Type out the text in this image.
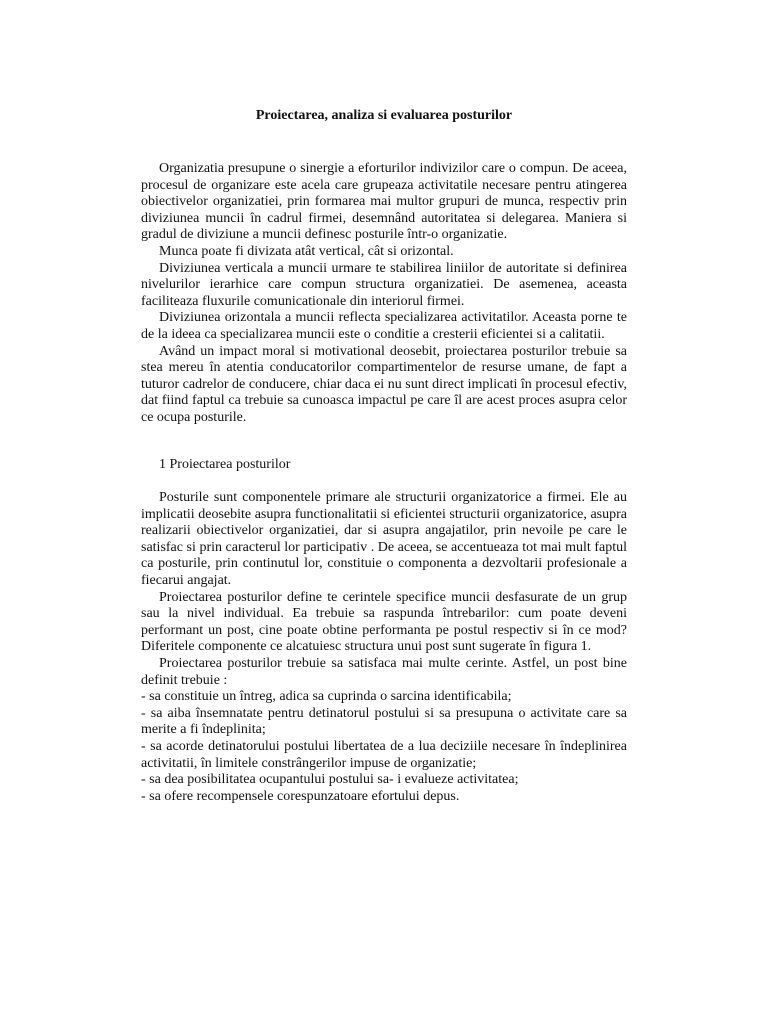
Proiectarea, analiza si evaluarea posturilor

Organizatia presupune o sinergie a eforturilor indivizilor care o compun. De aceea, procesul de organizare este acela care grupeaza activitatile necesare pentru atingerea obiectivelor organizatiei, prin formarea mai multor grupuri de munca, respectiv prin diviziunea muncii în cadrul firmei, desemnând autoritatea si delegarea. Maniera si gradul de diviziune a muncii definesc posturile într-o organizatie.

Munca poate fi divizata atât vertical, cât si orizontal.

Diviziunea verticala a muncii urmare te stabilirea liniilor de autoritate si definirea nivelurilor ierarhice care compun structura organizatiei. De asemenea, aceasta faciliteaza fluxurile comunicationale din interiorul firmei.

Diviziunea orizontala a muncii reflecta specializarea activitatilor. Aceasta porne te de la ideea ca specializarea muncii este o conditie a cresterii eficientei si a calitatii.

Având un impact moral si motivational deosebit, proiectarea posturilor trebuie sa stea mereu în atentia conducatorilor compartimentelor de resurse umane, de fapt a tuturor cadrelor de conducere, chiar daca ei nu sunt direct implicati în procesul efectiv, dat fiind faptul ca trebuie sa cunoasca impactul pe care îl are acest proces asupra celor ce ocupa posturile.

1 Proiectarea posturilor

Posturile sunt componentele primare ale structurii organizatorice a firmei. Ele au implicatii deosebite asupra functionalitatii si eficientei structurii organizatorice, asupra realizarii obiectivelor organizatiei, dar si asupra angajatilor, prin nevoile pe care le satisfac si prin caracterul lor participativ . De aceea, se accentueaza tot mai mult faptul ca posturile, prin continutul lor, constituie o componenta a dezvoltarii profesionale a fiecarui angajat.

Proiectarea posturilor define te cerintele specifice muncii desfasurate de un grup sau la nivel individual. Ea trebuie sa raspunda întrebarilor: cum poate deveni performant un post, cine poate obtine performanta pe postul respectiv si în ce mod? Diferitele componente ce alcatuiesc structura unui post sunt sugerate în figura 1.

Proiectarea posturilor trebuie sa satisfaca mai multe cerinte. Astfel, un post bine definit trebuie :

- sa constituie un întreg, adica sa cuprinda o sarcina identificabila;

- sa aiba însemnatate pentru detinatorul postului si sa presupuna o activitate care sa merite a fi îndeplinita;

- sa acorde detinatorului postului libertatea de a lua deciziile necesare în îndeplinirea activitatii, în limitele constrângerilor impuse de organizatie;

- sa dea posibilitatea ocupantului postului sa- i evalueze activitatea;

- sa ofere recompensele corespunzatoare efortului depus.
